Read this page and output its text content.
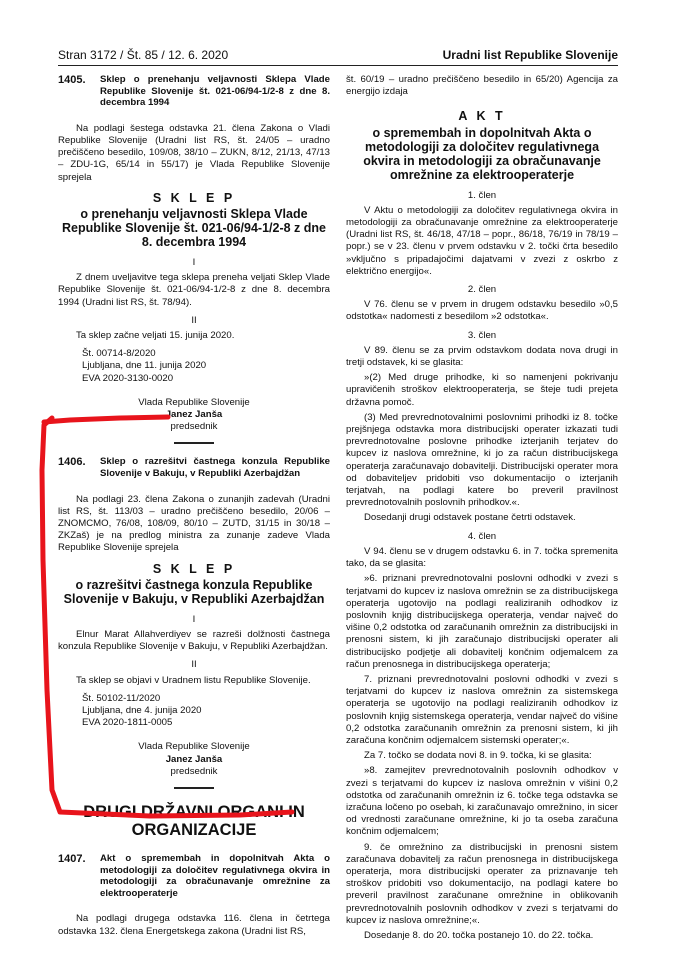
Stran 3172 / Št. 85 / 12. 6. 2020	Uradni list Republike Slovenije
1405.	Sklep o prenehanju veljavnosti Sklepa Vlade Republike Slovenije št. 021-06/94-1/2-8 z dne 8. decembra 1994

Na podlagi šestega odstavka 21. člena Zakona o Vladi Republike Slovenije (Uradni list RS, št. 24/05 – uradno prečiščeno besedilo, 109/08, 38/10 – ZUKN, 8/12, 21/13, 47/13 – ZDU-1G, 65/14 in 55/17) je Vlada Republike Slovenije sprejela

S K L E P
o prenehanju veljavnosti Sklepa Vlade Republike Slovenije št. 021-06/94-1/2-8 z dne 8. decembra 1994

I

Z dnem uveljavitve tega sklepa preneha veljati Sklep Vlade Republike Slovenije št. 021-06/94-1/2-8 z dne 8. decembra 1994 (Uradni list RS, št. 78/94).

II

Ta sklep začne veljati 15. junija 2020.

Št. 00714-8/2020

Ljubljana, dne 11. junija 2020

EVA 2020-3130-0020

Vlada Republike Slovenije
Janez Janša
predsednik
1406.	Sklep o razrešitvi častnega konzula Republike Slovenije v Bakuju, v Republiki Azerbajdžan

Na podlagi 23. člena Zakona o zunanjih zadevah (Uradni list RS, št. 113/03 – uradno prečiščeno besedilo, 20/06 – ZNOMCMO, 76/08, 108/09, 80/10 – ZUTD, 31/15 in 30/18 – ZKZaš) je na predlog ministra za zunanje zadeve Vlada Republike Slovenije sprejela

S K L E P
o razrešitvi častnega konzula Republike Slovenije v Bakuju, v Republiki Azerbajdžan

I

Elnur Marat Allahverdiyev se razreši dolžnosti častnega konzula Republike Slovenije v Bakuju, v Republiki Azerbajdžan.

II

Ta sklep se objavi v Uradnem listu Republike Slovenije.

Št. 50102-11/2020

Ljubljana, dne 4. junija 2020

EVA 2020-1811-0005

Vlada Republike Slovenije
Janez Janša
predsednik
DRUGI DRŽAVNI ORGANI IN ORGANIZACIJE
1407.	Akt o spremembah in dopolnitvah Akta o metodologiji za določitev regulativnega okvira in metodologiji za obračunavanje omrežnine za elektrooperaterje

Na podlagi drugega odstavka 116. člena in četrtega odstavka 132. člena Energetskega zakona (Uradni list RS,

št. 60/19 – uradno prečiščeno besedilo in 65/20) Agencija za energijo izdaja

A K T
o spremembah in dopolnitvah Akta o metodologiji za določitev regulativnega okvira in metodologiji za obračunavanje omrežnine za elektrooperaterje

1. člen

V Aktu o metodologiji za določitev regulativnega okvira in metodologiji za obračunavanje omrežnine za elektrooperaterje (Uradni list RS, št. 46/18, 47/18 – popr., 86/18, 76/19 in 78/19 – popr.) se v 23. členu v prvem odstavku v 2. točki črta besedilo »vključno s pripadajočimi dajatvami v zvezi z oskrbo z električno energijo«.

2. člen

V 76. členu se v prvem in drugem odstavku besedilo »0,5 odstotka« nadomesti z besedilom »2 odstotka«.

3. člen

V 89. členu se za prvim odstavkom dodata nova drugi in tretji odstavek, ki se glasita:

»(2) Med druge prihodke, ki so namenjeni pokrivanju upravičenih stroškov elektrooperaterja, se šteje tudi prejeta državna pomoč.

(3) Med prevrednotovalnimi poslovnimi prihodki iz 8. točke prejšnjega odstavka mora distribucijski operater izkazati tudi prevrednotovalne poslovne prihodke izterjanih terjatev do kupcev iz naslova omrežnine, ki jo za račun distribucijskega operaterja zaračunavajo dobavitelji. Distribucijski operater mora od dobaviteljev pridobiti vso dokumentacijo o izterjanih terjatvah, na podlagi katere bo preveril pravilnost prevrednotovalnih poslovnih prihodkov.«.

Dosedanji drugi odstavek postane četrti odstavek.

4. člen

V 94. členu se v drugem odstavku 6. in 7. točka spremenita tako, da se glasita:

»6. priznani prevrednotovalni poslovni odhodki v zvezi s terjatvami do kupcev iz naslova omrežnin se za distribucijskega operaterja ugotovijo na podlagi realiziranih odhodkov iz poslovnih knjig distribucijskega operaterja, vendar največ do višine 0,2 odstotka od zaračunanih omrežnin za distribucijski in prenosni sistem, ki jih zaračunajo distribucijski operater ali distribucijsko podjetje ali dobavitelj končnim odjemalcem za račun prenosnega in distribucijskega operaterja;

7. priznani prevrednotovalni poslovni odhodki v zvezi s terjatvami do kupcev iz naslova omrežnin za sistemskega operaterja se ugotovijo na podlagi realiziranih odhodkov iz poslovnih knjig sistemskega operaterja, vendar največ do višine 0,2 odstotka zaračunanih omrežnin za prenosni sistem, ki jih zaračuna končnim odjemalcem sistemski operater;«.

Za 7. točko se dodata novi 8. in 9. točka, ki se glasita:

»8. zamejitev prevrednotovalnih poslovnih odhodkov v zvezi s terjatvami do kupcev iz naslova omrežnin v višini 0,2 odstotka od zaračunanih omrežnin iz 6. točke tega odstavka se izračuna ločeno po osebah, ki zaračunavajo omrežnino, in sicer od vrednosti zaračunane omrežnine, ki jo ta oseba zaračuna končnim odjemalcem;

9. če omrežnino za distribucijski in prenosni sistem zaračunava dobavitelj za račun prenosnega in distribucijskega operaterja, mora distribucijski operater za priznavanje teh stroškov pridobiti vso dokumentacijo, na podlagi katere bo preveril pravilnost zaračunane omrežnine in oblikovanih prevrednotovalnih poslovnih odhodkov v zvezi s terjatvami do kupcev iz naslova omrežnine;«.

Dosedanje 8. do 20. točka postanejo 10. do 22. točka.
